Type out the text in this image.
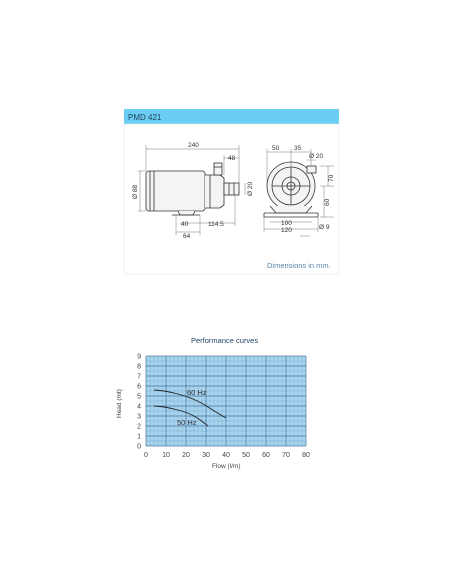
PMD 421
240
48
Ø 88	Ø 20
40	114.5
64
50 35
Ø 20
70
60
100
120	Ø 9
Dimensions in mm.
Performance curves
0 10 20 30 40 50 60 70 80
0
1
2
3
4
5
6
7
8
9
Flow (l/m)
Head (mt)	60 Hz
50 Hz
